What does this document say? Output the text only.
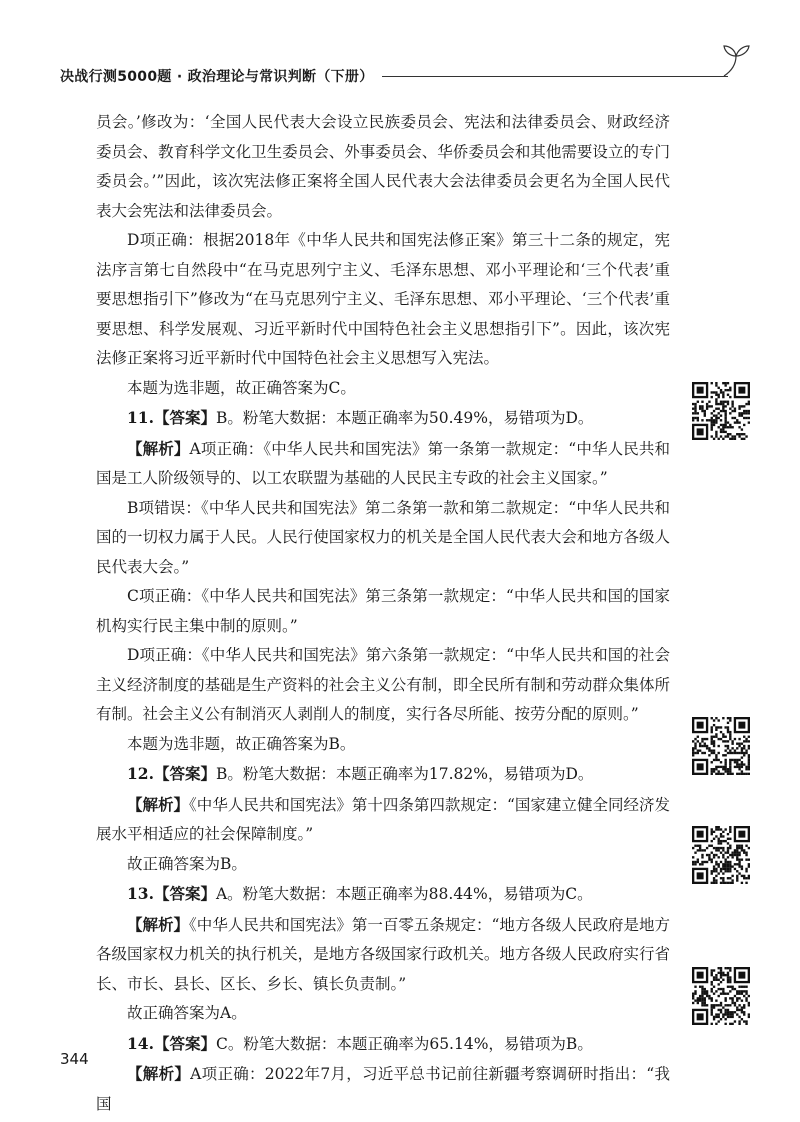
决战行测5000题 · 政治理论与常识判断（下册）

员会。’修改为：‘全国人民代表大会设立民族委员会、宪法和法律委员会、财政经济委员会、教育科学文化卫生委员会、外事委员会、华侨委员会和其他需要设立的专门委员会。’”因此，该次宪法修正案将全国人民代表大会法律委员会更名为全国人民代表大会宪法和法律委员会。

D项正确：根据2018年《中华人民共和国宪法修正案》第三十二条的规定，宪法序言第七自然段中“在马克思列宁主义、毛泽东思想、邓小平理论和‘三个代表’重要思想指引下”修改为“在马克思列宁主义、毛泽东思想、邓小平理论、‘三个代表’重要思想、科学发展观、习近平新时代中国特色社会主义思想指引下”。因此，该次宪法修正案将习近平新时代中国特色社会主义思想写入宪法。

本题为选非题，故正确答案为C。

11.【答案】B。粉笔大数据：本题正确率为50.49%，易错项为D。

【解析】A项正确：《中华人民共和国宪法》第一条第一款规定：“中华人民共和国是工人阶级领导的、以工农联盟为基础的人民民主专政的社会主义国家。”

B项错误：《中华人民共和国宪法》第二条第一款和第二款规定：“中华人民共和国的一切权力属于人民。人民行使国家权力的机关是全国人民代表大会和地方各级人民代表大会。”

C项正确：《中华人民共和国宪法》第三条第一款规定：“中华人民共和国的国家机构实行民主集中制的原则。”

D项正确：《中华人民共和国宪法》第六条第一款规定：“中华人民共和国的社会主义经济制度的基础是生产资料的社会主义公有制，即全民所有制和劳动群众集体所有制。社会主义公有制消灭人剥削人的制度，实行各尽所能、按劳分配的原则。”

本题为选非题，故正确答案为B。

12.【答案】B。粉笔大数据：本题正确率为17.82%，易错项为D。

【解析】《中华人民共和国宪法》第十四条第四款规定：“国家建立健全同经济发展水平相适应的社会保障制度。”

故正确答案为B。

13.【答案】A。粉笔大数据：本题正确率为88.44%，易错项为C。

【解析】《中华人民共和国宪法》第一百零五条规定：“地方各级人民政府是地方各级国家权力机关的执行机关，是地方各级国家行政机关。地方各级人民政府实行省长、市长、县长、区长、乡长、镇长负责制。”

故正确答案为A。

14.【答案】C。粉笔大数据：本题正确率为65.14%，易错项为B。

【解析】A项正确：2022年7月，习近平总书记前往新疆考察调研时指出：“我国

344
